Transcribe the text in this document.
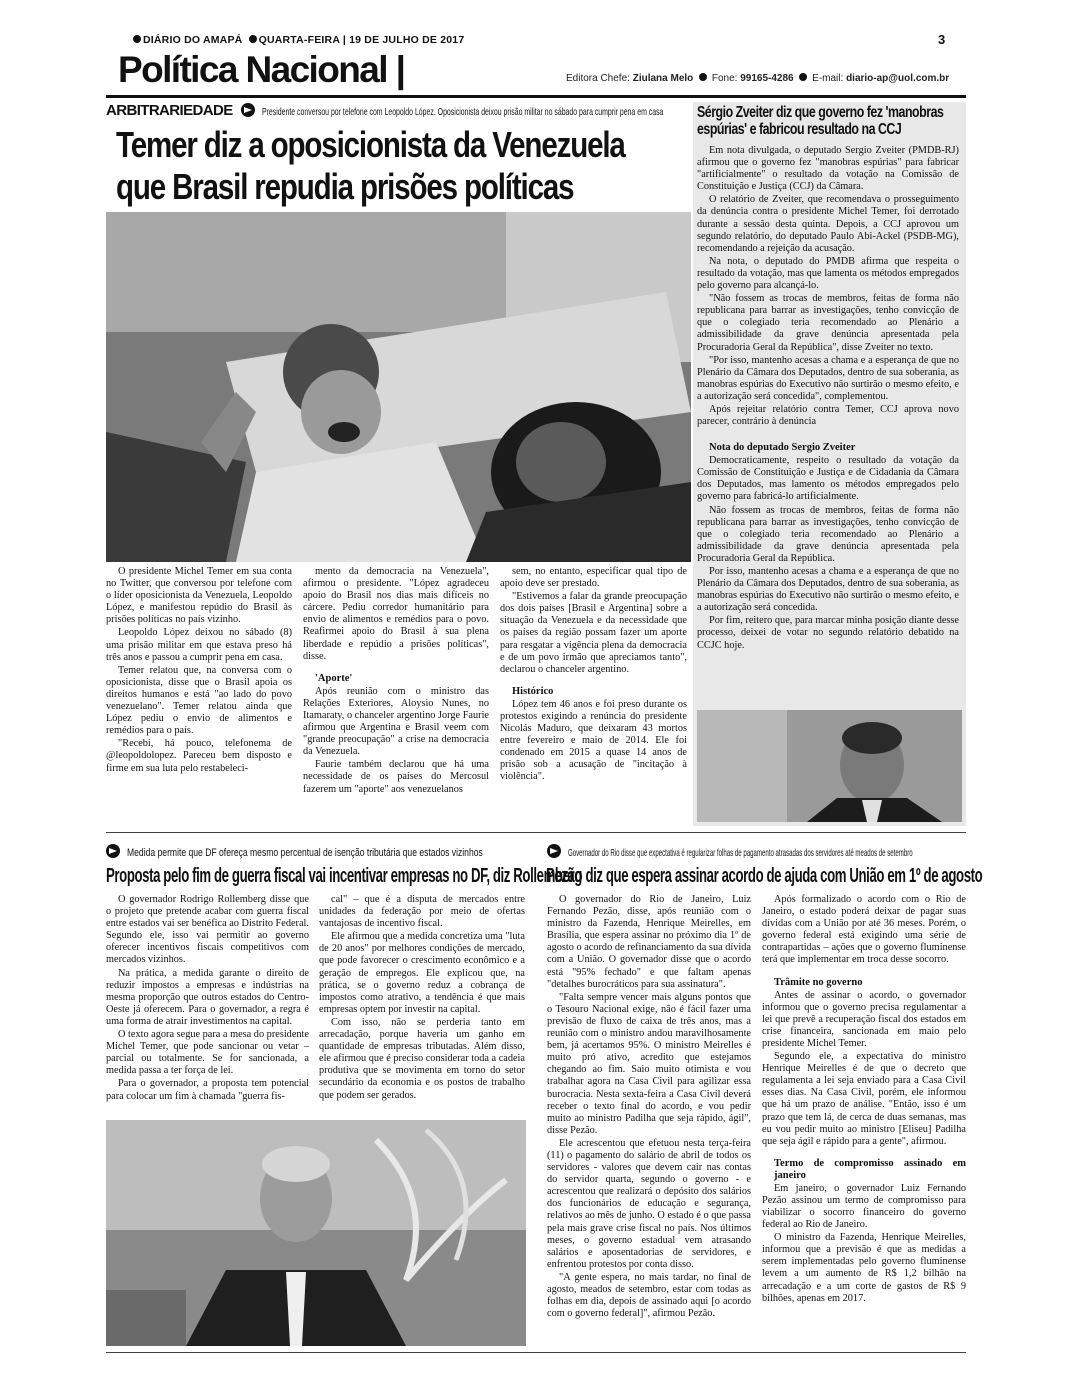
DIÁRIO DO AMAPÁ QUARTA-FEIRA | 19 DE JULHO DE 2017	3
Política Nacional |	Editora Chefe: Ziulana Melo Fone: 99165-4286 E-mail: diario-ap@uol.com.br
ARBITRARIEDADE	Presidente conversou por telefone com Leopoldo López. Oposicionista deixou prisão militar no sábado para cumprir pena em casa
Temer diz a oposicionista da Venezuela
que Brasil repudia prisões políticas

O presidente Michel Temer em sua conta no Twitter, que conversou por telefone com o líder oposicionista da Venezuela, Leopoldo López, e manifestou repúdio do Brasil às prisões políticas no país vizinho.

Leopoldo López deixou no sábado (8) uma prisão militar em que estava preso há três anos e passou a cumprir pena em casa.

Temer relatou que, na conversa com o oposicionista, disse que o Brasil apoia os direitos humanos e está "ao lado do povo venezuelano". Temer relatou ainda que López pediu o envio de alimentos e remédios para o país.

"Recebi, há pouco, telefonema de @leopoldolopez. Pareceu bem disposto e firme em sua luta pelo restabeleci-

mento da democracia na Venezuela", afirmou o presidente. "López agradeceu apoio do Brasil nos dias mais difíceis no cárcere. Pediu corredor humanitário para envio de alimentos e remédios para o povo. Reafirmei apoio do Brasil à sua plena liberdade e repúdio a prisões políticas", disse.

'Aporte'

Após reunião com o ministro das Relações Exteriores, Aloysio Nunes, no Itamaraty, o chanceler argentino Jorge Faurie afirmou que Argentina e Brasil veem com "grande preocupação" a crise na democracia da Venezuela.

Faurie também declarou que há uma necessidade de os países do Mercosul fazerem um "aporte" aos venezuelanos

sem, no entanto, especificar qual tipo de apoio deve ser prestado.

"Estivemos a falar da grande preocupação dos dois países [Brasil e Argentina] sobre a situação da Venezuela e da necessidade que os países da região possam fazer um aporte para resgatar a vigência plena da democracia e de um povo irmão que apreciamos tanto", declarou o chanceler argentino.

Histórico

López tem 46 anos e foi preso durante os protestos exigindo a renúncia do presidente Nicolás Maduro, que deixaram 43 mortos entre fevereiro e maio de 2014. Ele foi condenado em 2015 a quase 14 anos de prisão sob a acusação de "incitação à violência".

Sérgio Zveiter diz que governo fez 'manobras espúrias' e fabricou resultado na CCJ

Em nota divulgada, o deputado Sergio Zveiter (PMDB-RJ) afirmou que o governo fez "manobras espúrias" para fabricar "artificialmente" o resultado da votação na Comissão de Constituição e Justiça (CCJ) da Câmara.

O relatório de Zveiter, que recomendava o prosseguimento da denúncia contra o presidente Michel Temer, foi derrotado durante a sessão desta quinta. Depois, a CCJ aprovou um segundo relatório, do deputado Paulo Abi-Ackel (PSDB-MG), recomendando a rejeição da acusação.

Na nota, o deputado do PMDB afirma que respeita o resultado da votação, mas que lamenta os métodos empregados pelo governo para alcançá-lo.

"Não fossem as trocas de membros, feitas de forma não republicana para barrar as investigações, tenho convicção de que o colegiado teria recomendado ao Plenário a admissibilidade da grave denúncia apresentada pela Procuradoria Geral da República", disse Zveiter no texto.

"Por isso, mantenho acesas a chama e a esperança de que no Plenário da Câmara dos Deputados, dentro de sua soberania, as manobras espúrias do Executivo não surtirão o mesmo efeito, e a autorização será concedida", complementou.

Após rejeitar relatório contra Temer, CCJ aprova novo parecer, contrário à denúncia

Nota do deputado Sergio Zveiter

Democraticamente, respeito o resultado da votação da Comissão de Constituição e Justiça e de Cidadania da Câmara dos Deputados, mas lamento os métodos empregados pelo governo para fabricá-lo artificialmente.

Não fossem as trocas de membros, feitas de forma não republicana para barrar as investigações, tenho convicção de que o colegiado teria recomendado ao Plenário a admissibilidade da grave denúncia apresentada pela Procuradoria Geral da República.

Por isso, mantenho acesas a chama e a esperança de que no Plenário da Câmara dos Deputados, dentro de sua soberania, as manobras espúrias do Executivo não surtirão o mesmo efeito, e a autorização será concedida.

Por fim, reitero que, para marcar minha posição diante desse processo, deixei de votar no segundo relatório debatido na CCJC hoje.

Medida permite que DF ofereça mesmo percentual de isenção tributária que estados vizinhos
Proposta pelo fim de guerra fiscal vai incentivar empresas no DF, diz Rollemberg

O governador Rodrigo Rollemberg disse que o projeto que pretende acabar com guerra fiscal entre estados vai ser benéfica ao Distrito Federal. Segundo ele, isso vai permitir ao governo oferecer incentivos fiscais competitivos com mercados vizinhos.

Na prática, a medida garante o direito de reduzir impostos a empresas e indústrias na mesma proporção que outros estados do Centro-Oeste já oferecem. Para o governador, a regra é uma forma de atrair investimentos na capital.

O texto agora segue para a mesa do presidente Michel Temer, que pode sancionar ou vetar – parcial ou totalmente. Se for sancionada, a medida passa a ter força de lei.

Para o governador, a proposta tem potencial para colocar um fim à chamada "guerra fis-

cal" – que é a disputa de mercados entre unidades da federação por meio de ofertas vantajosas de incentivo fiscal.

Ele afirmou que a medida concretiza uma "luta de 20 anos" por melhores condições de mercado, que pode favorecer o crescimento econômico e a geração de empregos. Ele explicou que, na prática, se o governo reduz a cobrança de impostos como atrativo, a tendência é que mais empresas optem por investir na capital.

Com isso, não se perderia tanto em arrecadação, porque haveria um ganho em quantidade de empresas tributadas. Além disso, ele afirmou que é preciso considerar toda a cadeia produtiva que se movimenta em torno do setor secundário da economia e os postos de trabalho que podem ser gerados.

Governador do Rio disse que expectativa é regularizar folhas de pagamento atrasadas dos servidores até meados de setembro
Pezão diz que espera assinar acordo de ajuda com União em 1º de agosto

O governador do Rio de Janeiro, Luiz Fernando Pezão, disse, após reunião com o ministro da Fazenda, Henrique Meirelles, em Brasília, que espera assinar no próximo dia 1º de agosto o acordo de refinanciamento da sua dívida com a União. O governador disse que o acordo está "95% fechado" e que faltam apenas "detalhes burocráticos para sua assinatura".

"Falta sempre vencer mais alguns pontos que o Tesouro Nacional exige, não é fácil fazer uma previsão de fluxo de caixa de três anos, mas a reunião com o ministro andou maravilhosamente bem, já acertamos 95%. O ministro Meirelles é muito pró ativo, acredito que estejamos chegando ao fim. Saio muito otimista e vou trabalhar agora na Casa Civil para agilizar essa burocracia. Nesta sexta-feira a Casa Civil deverá receber o texto final do acordo, e vou pedir muito ao ministro Padilha que seja rápido, ágil", disse Pezão.

Ele acrescentou que efetuou nesta terça-feira (11) o pagamento do salário de abril de todos os servidores - valores que devem cair nas contas do servidor quarta, segundo o governo - e acrescentou que realizará o depósito dos salários dos funcionários de educação e segurança, relativos ao mês de junho. O estado é o que passa pela mais grave crise fiscal no país. Nos últimos meses, o governo estadual vem atrasando salários e aposentadorias de servidores, e enfrentou protestos por conta disso.

"A gente espera, no mais tardar, no final de agosto, meados de setembro, estar com todas as folhas em dia, depois de assinado aqui [o acordo com o governo federal]", afirmou Pezão.

Após formalizado o acordo com o Rio de Janeiro, o estado poderá deixar de pagar suas dívidas com a União por até 36 meses. Porém, o governo federal está exigindo uma série de contrapartidas – ações que o governo fluminense terá que implementar em troca desse socorro.

Trâmite no governo

Antes de assinar o acordo, o governador informou que o governo precisa regulamentar a lei que prevê a recuperação fiscal dos estados em crise financeira, sancionada em maio pelo presidente Michel Temer.

Segundo ele, a expectativa do ministro Henrique Meirelles é de que o decreto que regulamenta a lei seja enviado para a Casa Civil esses dias. Na Casa Civil, porém, ele informou que há um prazo de análise. "Então, isso é um prazo que tem lá, de cerca de duas semanas, mas eu vou pedir muito ao ministro [Eliseu] Padilha que seja ágil e rápido para a gente", afirmou.

Termo de compromisso assinado em janeiro

Em janeiro, o governador Luiz Fernando Pezão assinou um termo de compromisso para viabilizar o socorro financeiro do governo federal ao Rio de Janeiro.

O ministro da Fazenda, Henrique Meirelles, informou que a previsão é que as medidas a serem implementadas pelo governo fluminense levem a um aumento de R$ 1,2 bilhão na arrecadação e a um corte de gastos de R$ 9 bilhões, apenas em 2017.
